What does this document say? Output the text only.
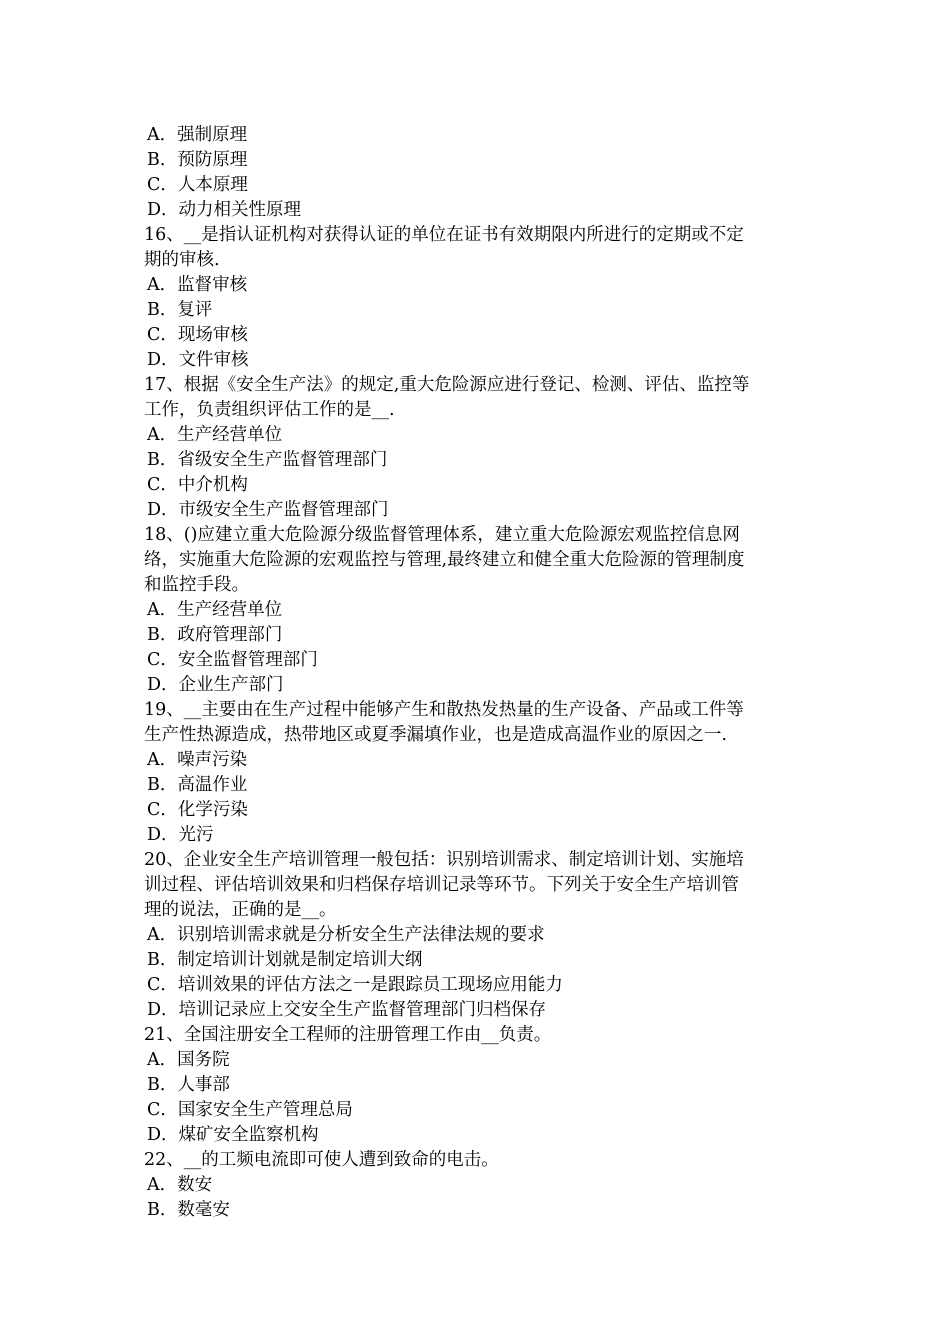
A．强制原理
B．预防原理
C．人本原理
D．动力相关性原理
16、__是指认证机构对获得认证的单位在证书有效期限内所进行的定期或不定
期的审核.
A．监督审核
B．复评
C．现场审核
D．文件审核
17、根据《安全生产法》的规定,重大危险源应进行登记、检测、评估、监控等
工作，负责组织评估工作的是__.
A．生产经营单位
B．省级安全生产监督管理部门
C．中介机构
D．市级安全生产监督管理部门
18、()应建立重大危险源分级监督管理体系，建立重大危险源宏观监控信息网
络，实施重大危险源的宏观监控与管理,最终建立和健全重大危险源的管理制度
和监控手段。
A．生产经营单位
B．政府管理部门
C．安全监督管理部门
D．企业生产部门
19、__主要由在生产过程中能够产生和散热发热量的生产设备、产品或工件等
生产性热源造成，热带地区或夏季漏填作业，也是造成高温作业的原因之一.
A．噪声污染
B．高温作业
C．化学污染
D．光污
20、企业安全生产培训管理一般包括：识别培训需求、制定培训计划、实施培
训过程、评估培训效果和归档保存培训记录等环节。下列关于安全生产培训管
理的说法，正确的是__。
A．识别培训需求就是分析安全生产法律法规的要求
B．制定培训计划就是制定培训大纲
C．培训效果的评估方法之一是跟踪员工现场应用能力
D．培训记录应上交安全生产监督管理部门归档保存
21、全国注册安全工程师的注册管理工作由__负责。
A．国务院
B．人事部
C．国家安全生产管理总局
D．煤矿安全监察机构
22、__的工频电流即可使人遭到致命的电击。
A．数安
B．数毫安
